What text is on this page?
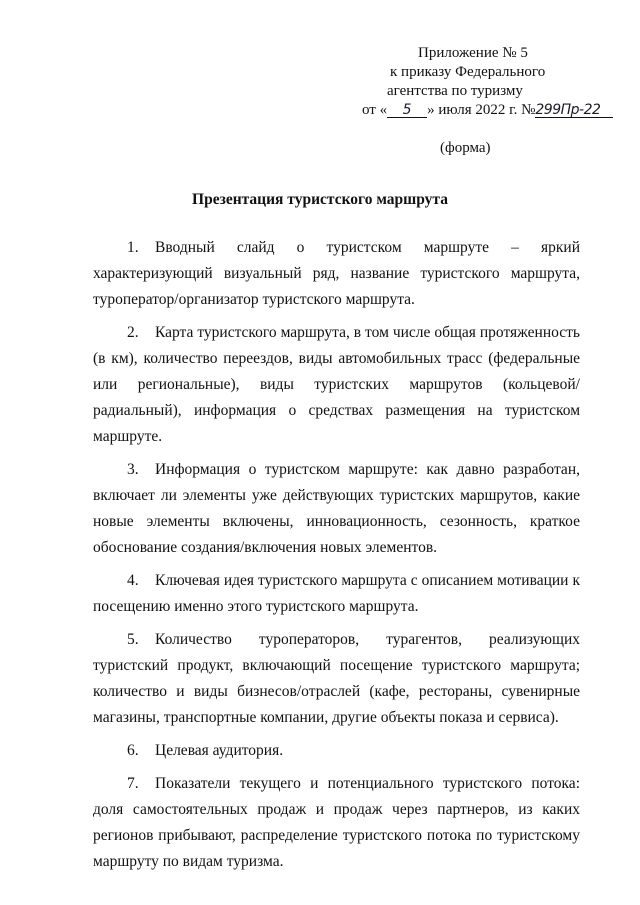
Приложение № 5
к приказу Федерального
агентства по туризму
от « 5 » июля 2022 г. №299Пр-22
(форма)
Презентация туристского маршрута

1. Вводный слайд о туристском маршруте – яркий характеризующий визуальный ряд, название туристского маршрута, туроператор/организатор туристского маршрута.

2. Карта туристского маршрута, в том числе общая протяженность (в км), количество переездов, виды автомобильных трасс (федеральные или региональные), виды туристских маршрутов (кольцевой/радиальный), информация о средствах размещения на туристском маршруте.

3. Информация о туристском маршруте: как давно разработан, включает ли элементы уже действующих туристских маршрутов, какие новые элементы включены, инновационность, сезонность, краткое обоснование создания/включения новых элементов.

4. Ключевая идея туристского маршрута с описанием мотивации к посещению именно этого туристского маршрута.

5. Количество туроператоров, турагентов, реализующих туристский продукт, включающий посещение туристского маршрута; количество и виды бизнесов/отраслей (кафе, рестораны, сувенирные магазины, транспортные компании, другие объекты показа и сервиса).

6. Целевая аудитория.

7. Показатели текущего и потенциального туристского потока: доля самостоятельных продаж и продаж через партнеров, из каких регионов прибывают, распределение туристского потока по туристскому маршруту по видам туризма.
